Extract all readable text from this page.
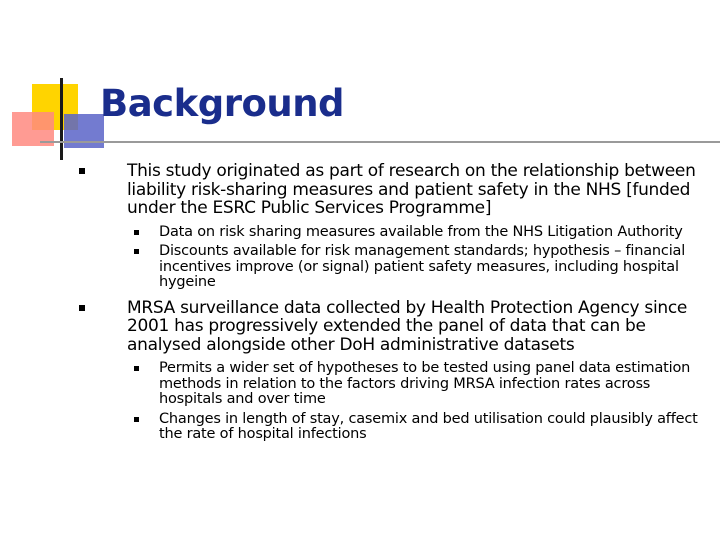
Background
This study originated as part of research on the relationship between liability risk-sharing measures and patient safety in the NHS [funded under the ESRC Public Services Programme]
Data on risk sharing measures available from the NHS Litigation Authority
Discounts available for risk management standards; hypothesis – financial incentives improve (or signal) patient safety measures, including hospital hygeine
MRSA surveillance data collected by Health Protection Agency since 2001 has progressively extended the panel of data that can be analysed alongside other DoH administrative datasets
Permits a wider set of hypotheses to be tested using panel data estimation methods in relation to the factors driving MRSA infection rates across hospitals and over time
Changes in length of stay, casemix and bed utilisation could plausibly affect the rate of hospital infections
